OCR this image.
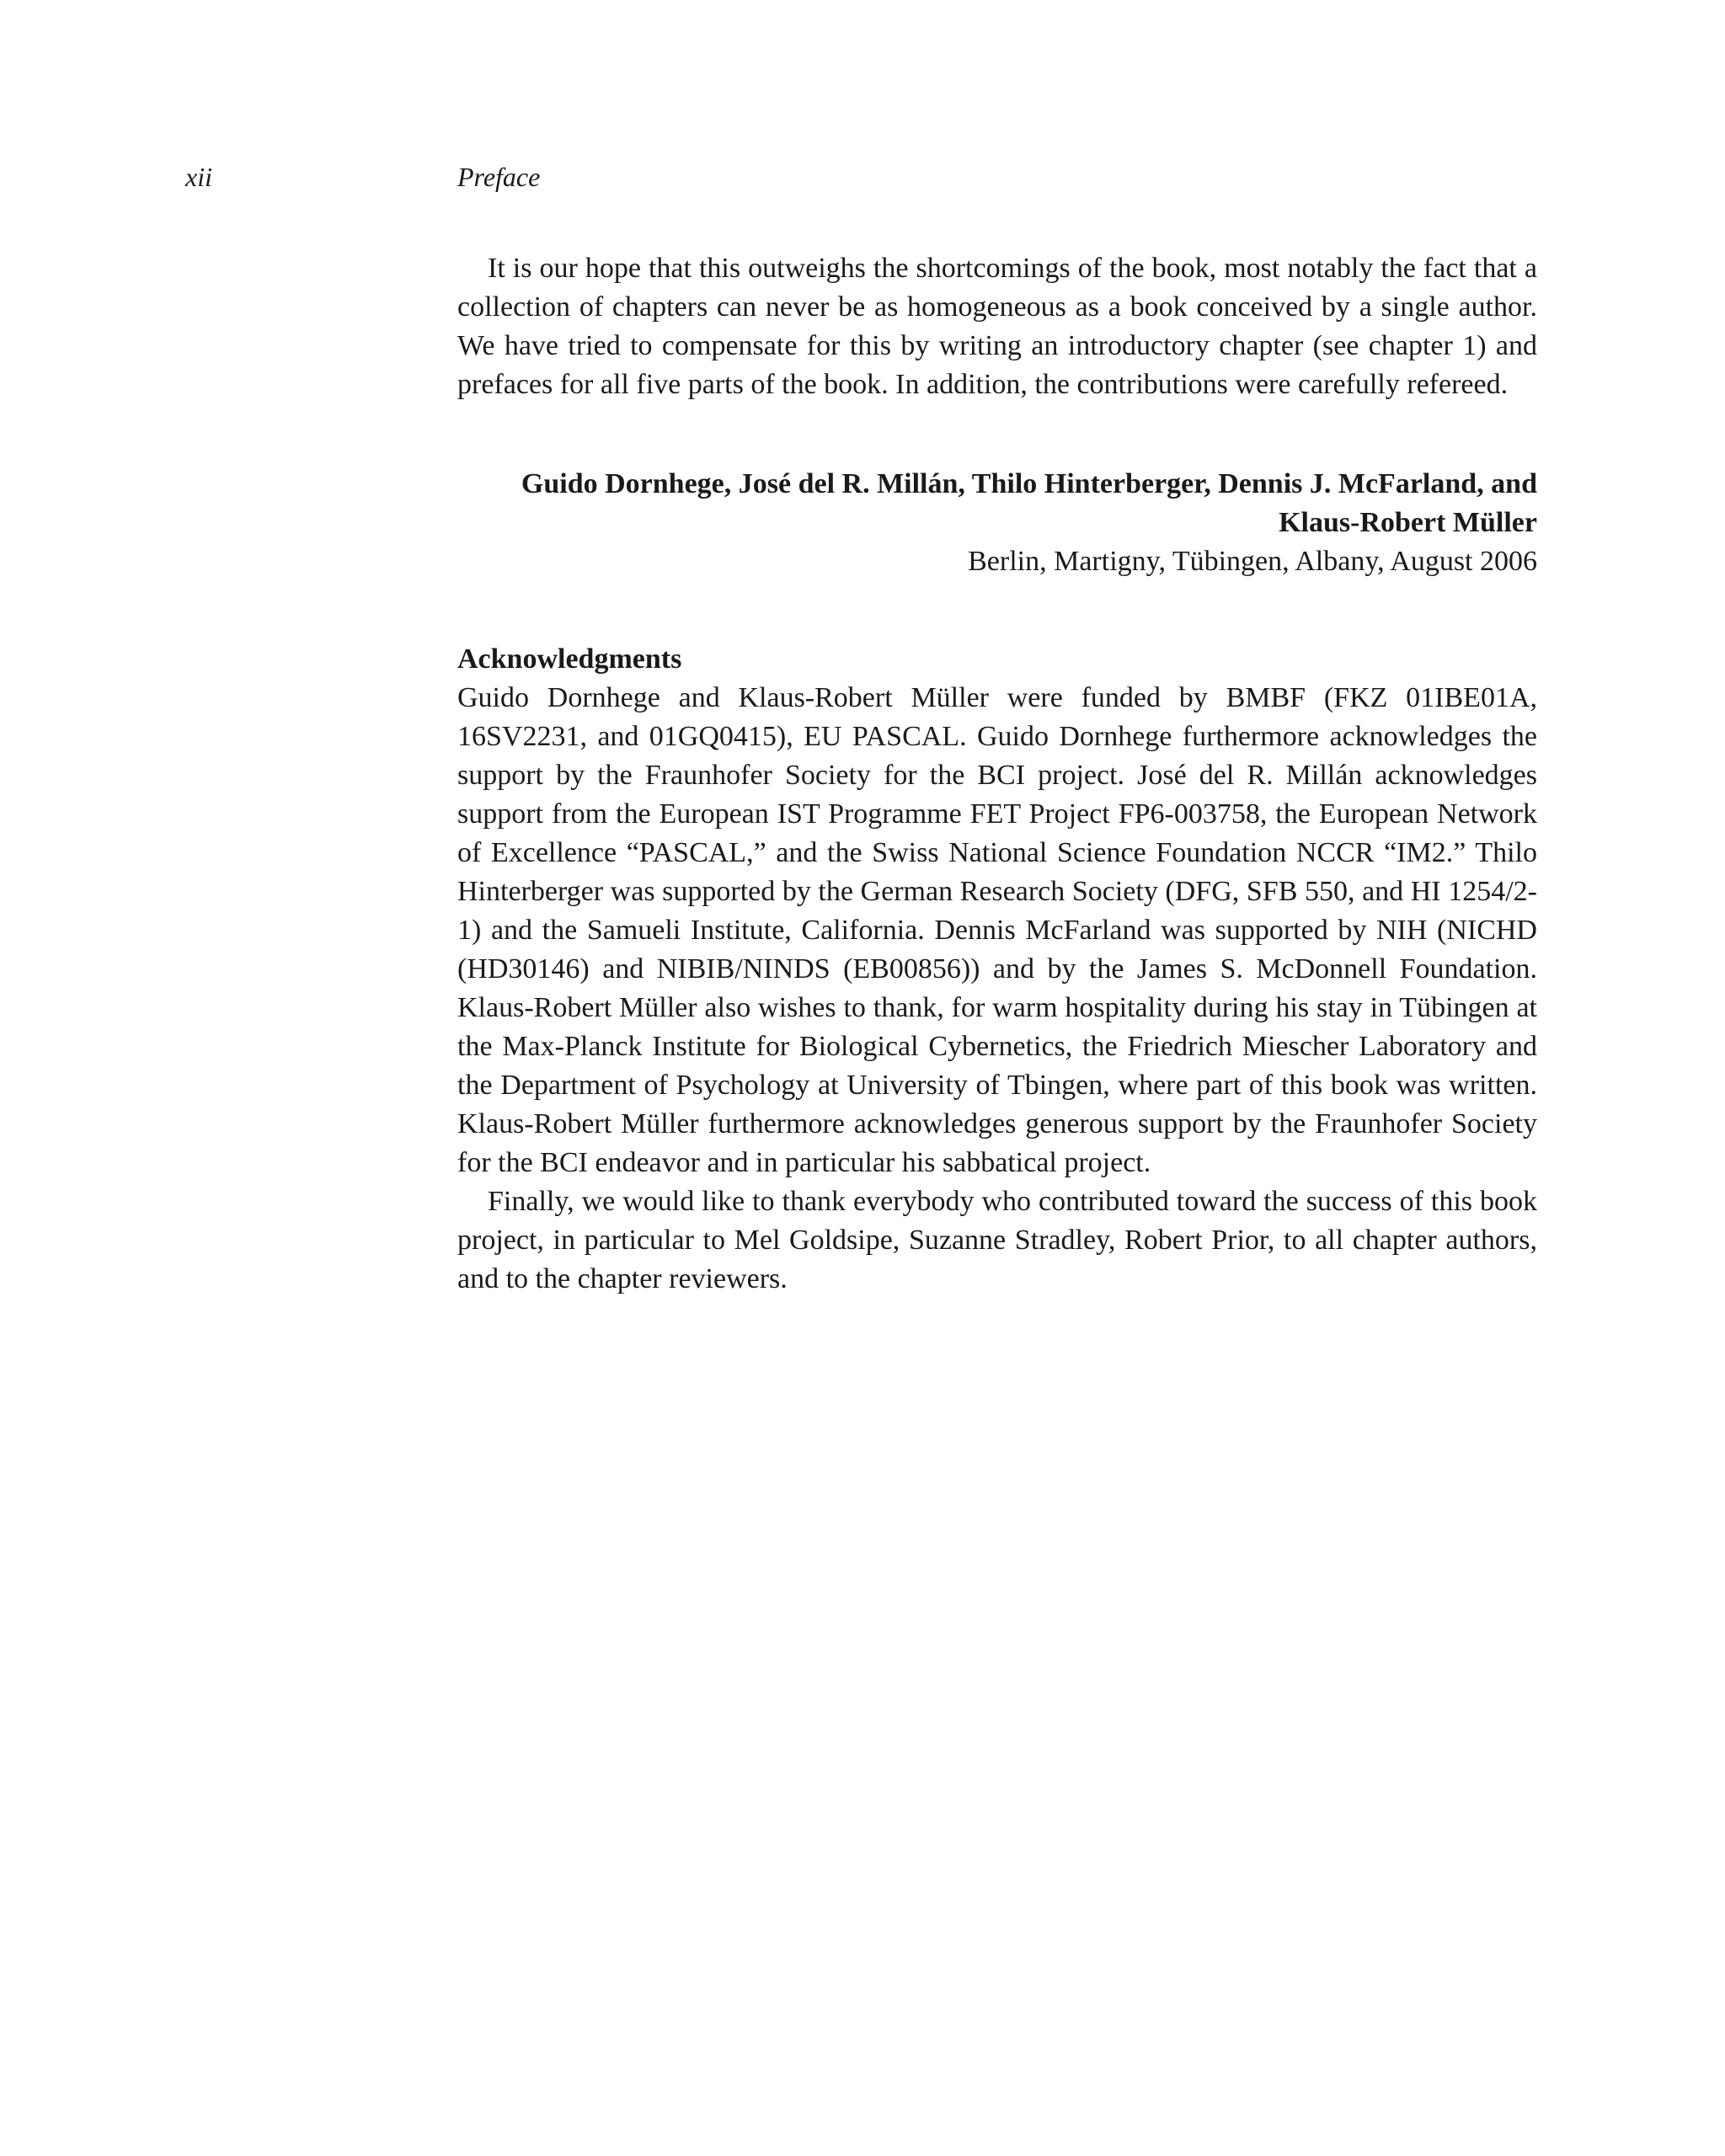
xii	Preface

It is our hope that this outweighs the shortcomings of the book, most notably the fact that a collection of chapters can never be as homogeneous as a book conceived by a single author. We have tried to compensate for this by writing an introductory chapter (see chapter 1) and prefaces for all five parts of the book. In addition, the contributions were carefully refereed.

Guido Dornhege, José del R. Millán, Thilo Hinterberger, Dennis J. McFarland, and Klaus-Robert Müller

Berlin, Martigny, Tübingen, Albany, August 2006

Acknowledgments

Guido Dornhege and Klaus-Robert Müller were funded by BMBF (FKZ 01IBE01A, 16SV2231, and 01GQ0415), EU PASCAL. Guido Dornhege furthermore acknowledges the support by the Fraunhofer Society for the BCI project. José del R. Millán acknowledges support from the European IST Programme FET Project FP6-003758, the European Network of Excellence “PASCAL,” and the Swiss National Science Foundation NCCR “IM2.” Thilo Hinterberger was supported by the German Research Society (DFG, SFB 550, and HI 1254/2-1) and the Samueli Institute, California. Dennis McFarland was supported by NIH (NICHD (HD30146) and NIBIB/NINDS (EB00856)) and by the James S. McDonnell Foundation. Klaus-Robert Müller also wishes to thank, for warm hospitality during his stay in Tübingen at the Max-Planck Institute for Biological Cybernetics, the Friedrich Miescher Laboratory and the Department of Psychology at University of Tbingen, where part of this book was written. Klaus-Robert Müller furthermore acknowledges generous support by the Fraunhofer Society for the BCI endeavor and in particular his sabbatical project.

Finally, we would like to thank everybody who contributed toward the success of this book project, in particular to Mel Goldsipe, Suzanne Stradley, Robert Prior, to all chapter authors, and to the chapter reviewers.
